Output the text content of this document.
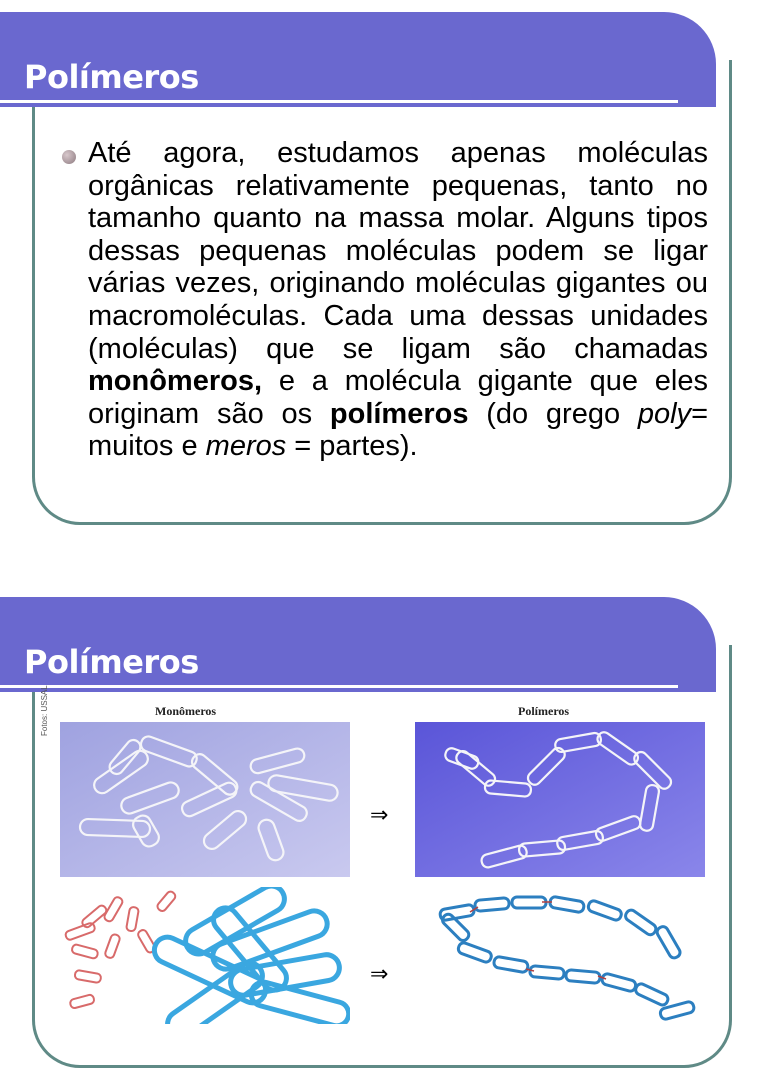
Polímeros
Até agora, estudamos apenas moléculas orgânicas relativamente pequenas, tanto no tamanho quanto na massa molar. Alguns tipos dessas pequenas moléculas podem se ligar várias vezes, originando moléculas gigantes ou macromoléculas. Cada uma dessas unidades (moléculas) que se ligam são chamadas monômeros, e a molécula gigante que eles originam são os polímeros (do grego poly= muitos e meros = partes).
Polímeros
Monômeros	Polímeros
Fotos: USSAL
⇒
⇒
